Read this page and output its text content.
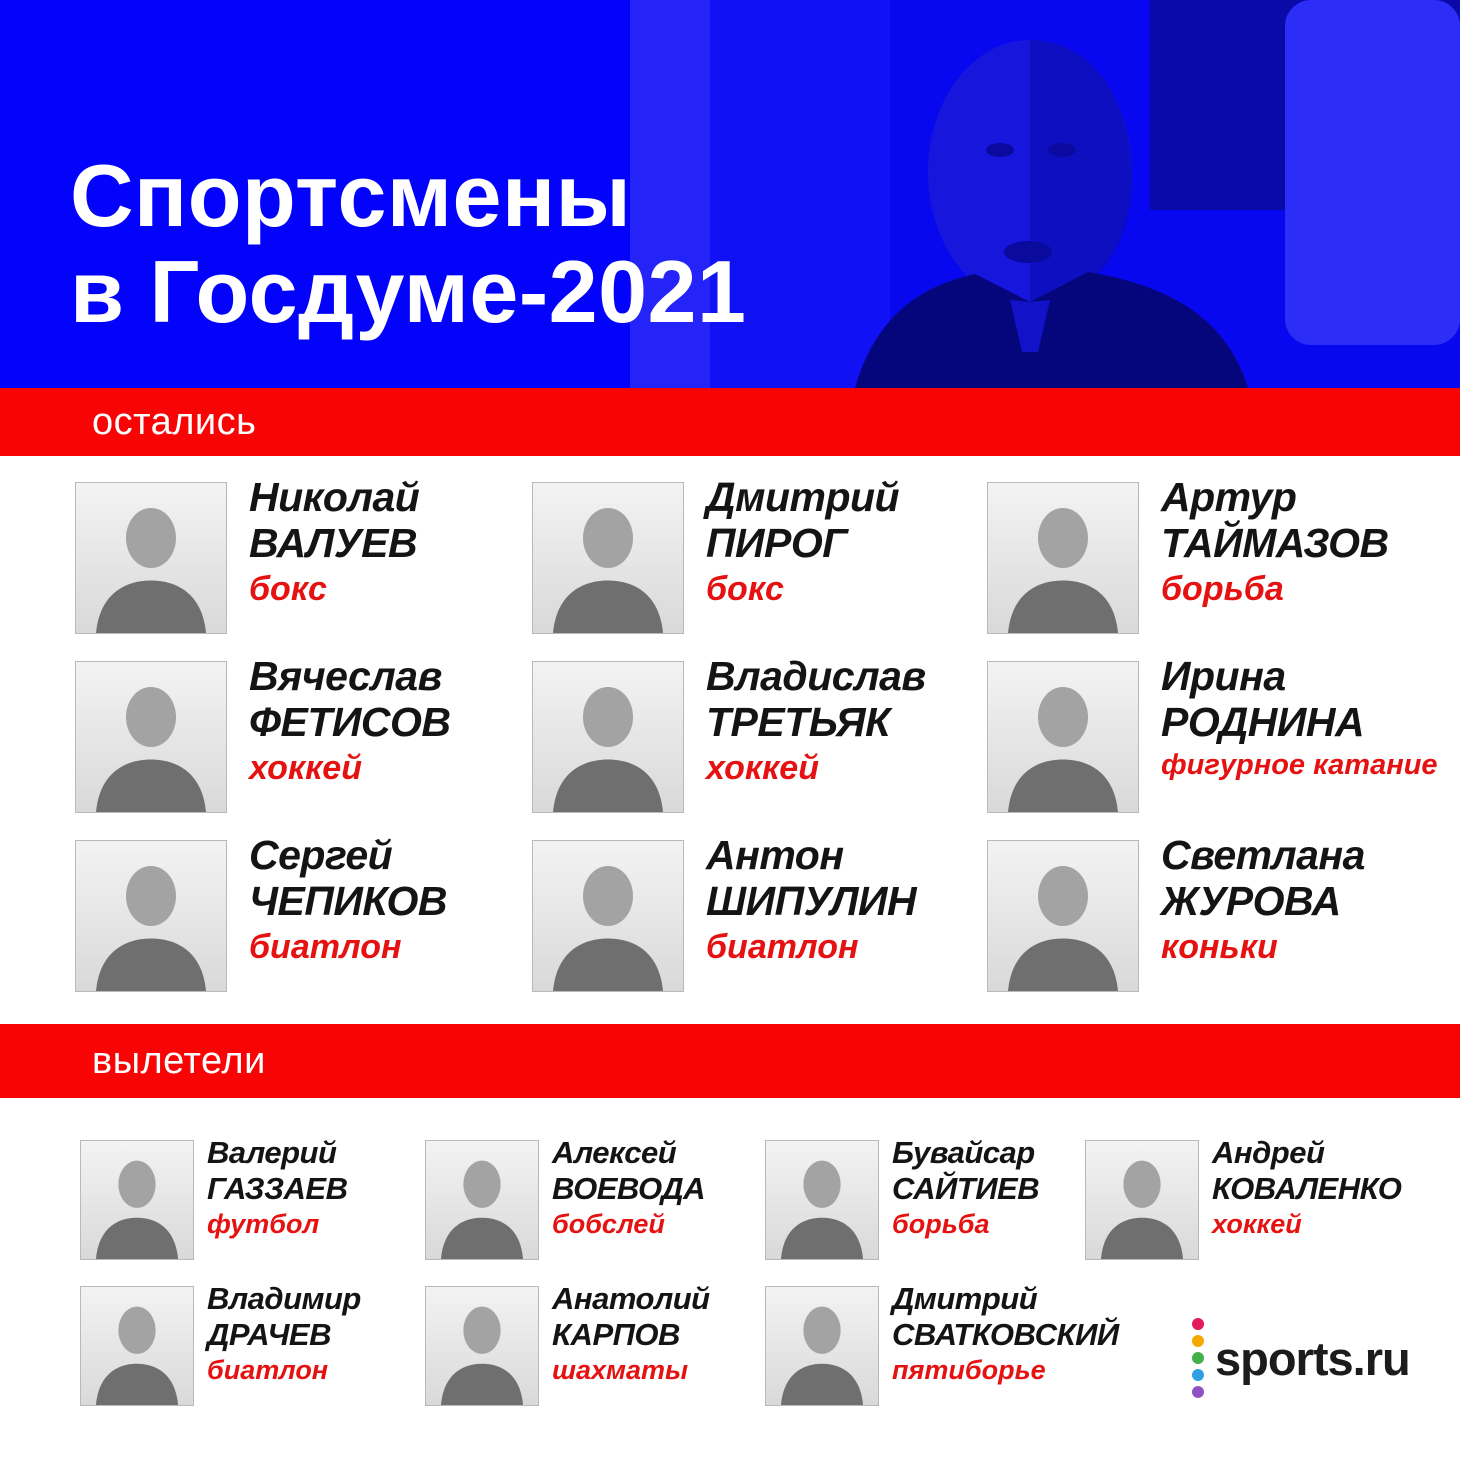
Спортсмены
в Госдуме-2021
остались
Николай
ВАЛУЕВ
бокс
Дмитрий
ПИРОГ
бокс
Артур
ТАЙМАЗОВ
борьба
Вячеслав
ФЕТИСОВ
хоккей
Владислав
ТРЕТЬЯК
хоккей
Ирина
РОДНИНА
фигурное катание
Сергей
ЧЕПИКОВ
биатлон
Антон
ШИПУЛИН
биатлон
Светлана
ЖУРОВА
коньки
вылетели
Валерий
ГАЗЗАЕВ
футбол
Алексей
ВОЕВОДА
бобслей
Бувайсар
САЙТИЕВ
борьба
Андрей
КОВАЛЕНКО
хоккей
Владимир
ДРАЧЕВ
биатлон
Анатолий
КАРПОВ
шахматы
Дмитрий
СВАТКОВСКИЙ
пятиборье	sports.ru
